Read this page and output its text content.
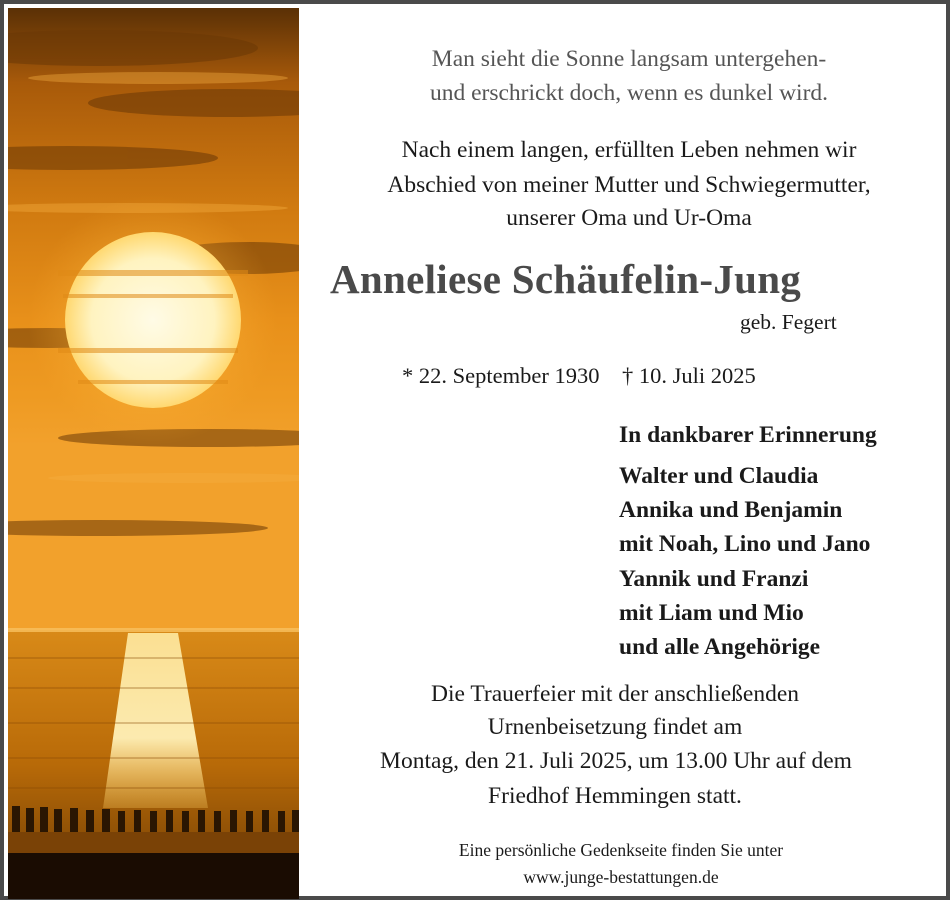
Man sieht die Sonne langsam untergehen-
und erschrickt doch, wenn es dunkel wird.
Nach einem langen, erfüllten Leben nehmen wir
Abschied von meiner Mutter und Schwiegermutter,
unserer Oma und Ur-Oma
Anneliese Schäufelin-Jung
geb. Fegert
* 22. September 1930    † 10. Juli 2025
In dankbarer Erinnerung
Walter und Claudia
Annika und Benjamin
mit Noah, Lino und Jano
Yannik und Franzi
mit Liam und Mio
und alle Angehörige
Die Trauerfeier mit der anschließenden
Urnenbeisetzung findet am
Montag, den 21. Juli 2025, um 13.00 Uhr auf dem
Friedhof Hemmingen statt.
Eine persönliche Gedenkseite finden Sie unter
www.junge-bestattungen.de
